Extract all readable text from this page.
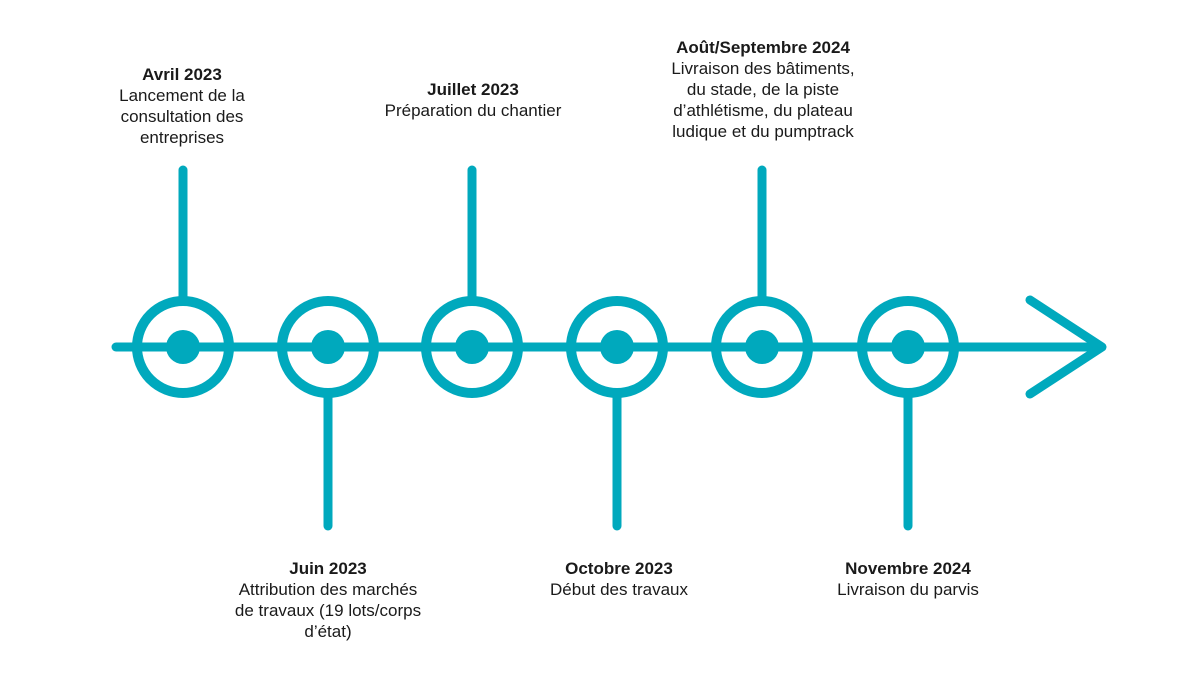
Avril 2023
Lancement de la
consultation des
entreprises
Juin 2023
Attribution des marchés
de travaux (19 lots/corps
d’état)
Juillet 2023
Préparation du chantier
Octobre 2023
Début des travaux
Août/Septembre 2024
Livraison des bâtiments,
du stade, de la piste
d’athlétisme, du plateau
ludique et du pumptrack
Novembre 2024
Livraison du parvis
